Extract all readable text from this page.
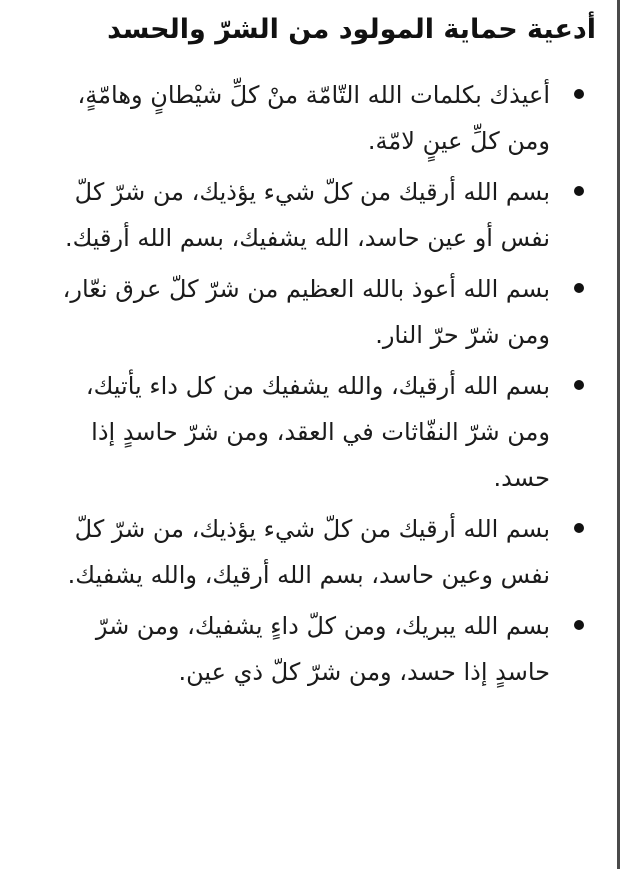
أدعية حماية المولود من الشرّ والحسد
أعيذك بكلمات الله التّامّة منْ كلِّ شيْطانٍ وهامّةٍ، ومن كلِّ عينٍ لامّة.
بسم الله أرقيك من كلّ شيء يؤذيك، من شرّ كلّ نفس أو عين حاسد، الله يشفيك، بسم الله أرقيك.
بسم الله أعوذ بالله العظيم من شرّ كلّ عرق نعّار، ومن شرّ حرّ النار.
بسم الله أرقيك، والله يشفيك من كل داء يأتيك، ومن شرّ النفّاثات في العقد، ومن شرّ حاسدٍ إذا حسد.
بسم الله أرقيك من كلّ شيء يؤذيك، من شرّ كلّ نفس وعين حاسد، بسم الله أرقيك، والله يشفيك.
بسم الله يبريك، ومن كلّ داءٍ يشفيك، ومن شرّ حاسدٍ إذا حسد، ومن شرّ كلّ ذي عين.
